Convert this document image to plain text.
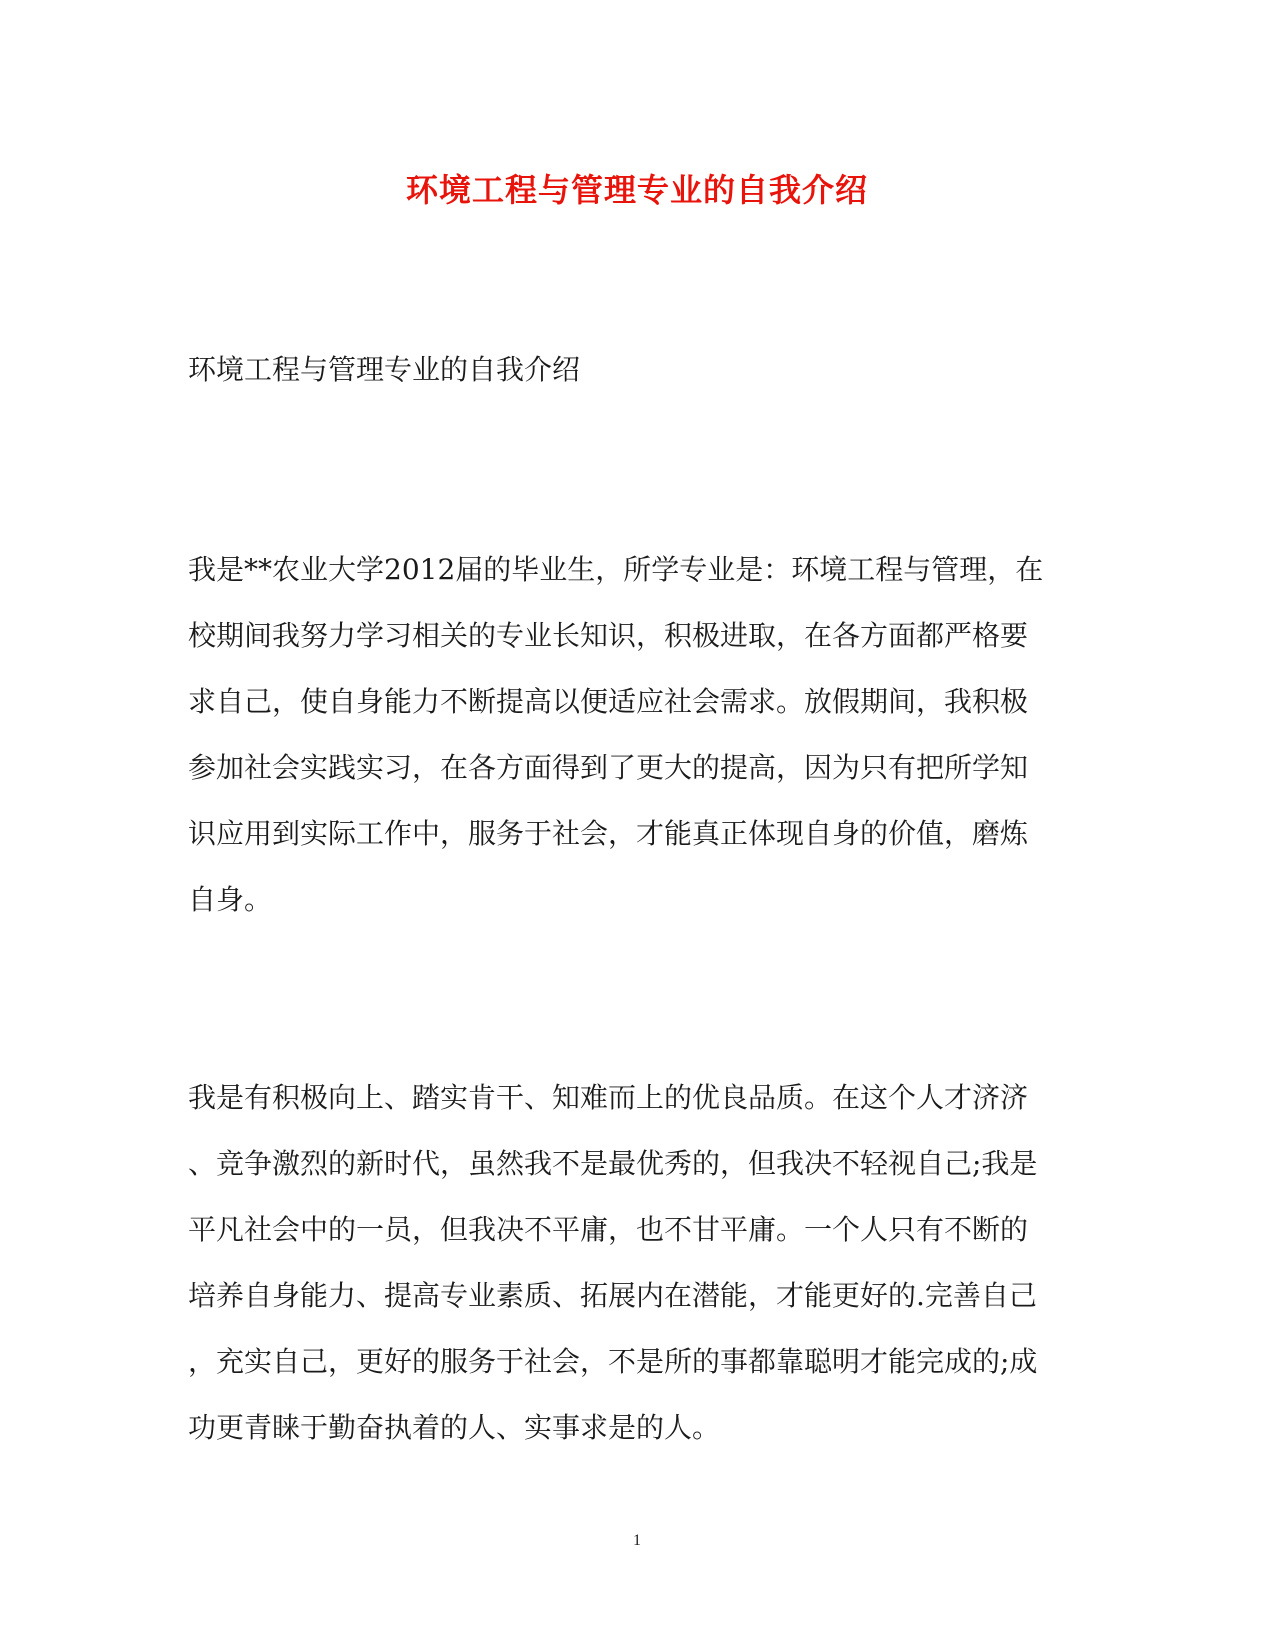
环境工程与管理专业的自我介绍
环境工程与管理专业的自我介绍
我是**农业大学2012届的毕业生，所学专业是：环境工程与管理，在
校期间我努力学习相关的专业长知识，积极进取，在各方面都严格要
求自己，使自身能力不断提高以便适应社会需求。放假期间，我积极
参加社会实践实习，在各方面得到了更大的提高，因为只有把所学知
识应用到实际工作中，服务于社会，才能真正体现自身的价值，磨炼
自身。
我是有积极向上、踏实肯干、知难而上的优良品质。在这个人才济济
、竞争激烈的新时代，虽然我不是最优秀的，但我决不轻视自己;我是
平凡社会中的一员，但我决不平庸，也不甘平庸。一个人只有不断的
培养自身能力、提高专业素质、拓展内在潜能，才能更好的.完善自己
，充实自己，更好的服务于社会，不是所的事都靠聪明才能完成的;成
功更青睐于勤奋执着的人、实事求是的人。
1
